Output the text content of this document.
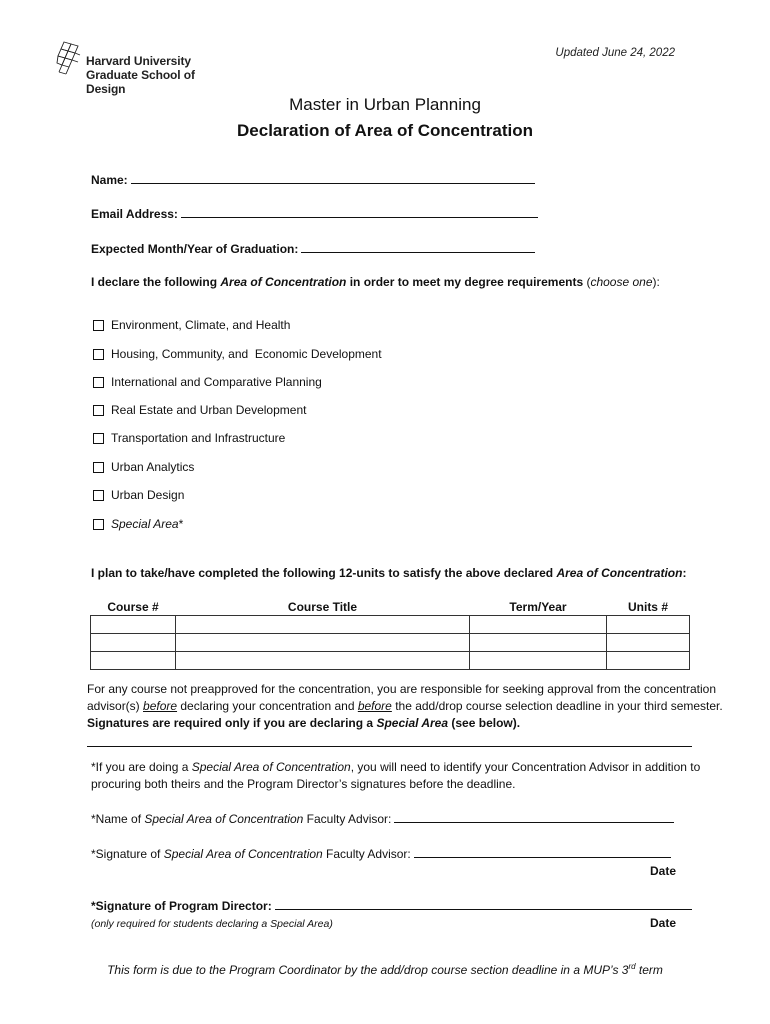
Harvard University
Graduate School of Design
Updated June 24, 2022
Master in Urban Planning
Declaration of Area of Concentration
Name:
Email Address:
Expected Month/Year of Graduation:
I declare the following Area of Concentration in order to meet my degree requirements (choose one):
Environment, Climate, and Health
Housing, Community, and  Economic Development
International and Comparative Planning
Real Estate and Urban Development
Transportation and Infrastructure
Urban Analytics
Urban Design
Special Area *
I plan to take/have completed the following 12-units to satisfy the above declared Area of Concentration:
Course #	Course Title	Term/Year	Units #

For any course not preapproved for the concentration, you are responsible for seeking approval from the concentration advisor(s) before declaring your concentration and before the add/drop course selection deadline in your third semester. Signatures are required only if you are declaring a Special Area (see below).
*If you are doing a Special Area of Concentration, you will need to identify your Concentration Advisor in addition to procuring both theirs and the Program Director’s signatures before the deadline.
*Name of Special Area of Concentration Faculty Advisor:
*Signature of Special Area of Concentration Faculty Advisor:
Date
*Signature of Program Director:
(only required for students declaring a Special Area)	Date
This form is due to the Program Coordinator by the add/drop course section deadline in a MUP’s 3rd term
